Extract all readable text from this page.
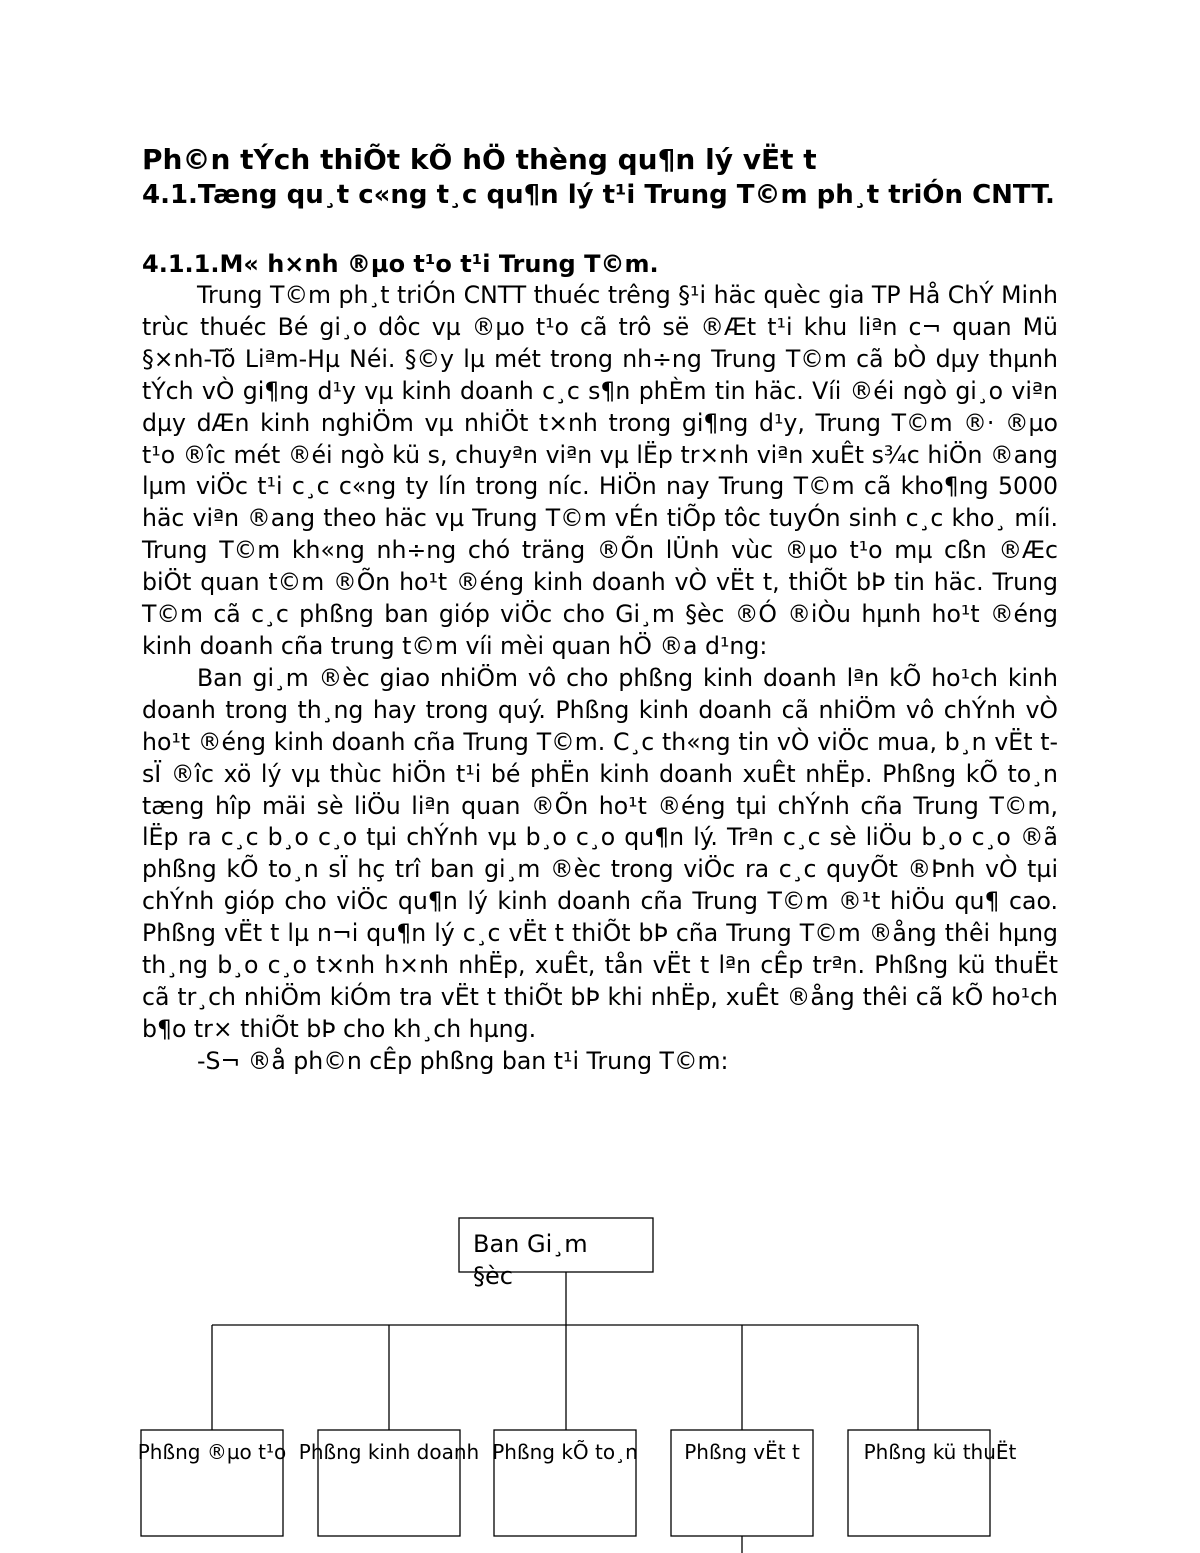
Ph©n tÝch thiÕt kÕ hÖ thèng qu¶n lý vËt t
4.1.Tæng qu¸t c«ng t¸c qu¶n lý t¹i Trung T©m ph¸t triÓn CNTT.
4.1.1.M« h×nh ®µo t¹o t¹i Trung T©m.

Trung T©m ph¸t triÓn CNTT thuéc trêng §¹i häc quèc gia TP Hå ChÝ Minh trùc thuéc Bé gi¸o dôc vµ ®µo t¹o cã trô së ®Æt t¹i khu liªn c¬ quan Mü §×nh-Tõ Liªm-Hµ Néi. §©y lµ mét trong nh÷ng Trung T©m cã bÒ dµy thµnh tÝch vÒ gi¶ng d¹y vµ kinh doanh c¸c s¶n phÈm tin häc. Víi ®éi ngò gi¸o viªn dµy dÆn kinh nghiÖm vµ nhiÖt t×nh trong gi¶ng d¹y, Trung T©m ®· ®µo t¹o ®îc mét ®éi ngò kü s, chuyªn viªn vµ lËp tr×nh viªn xuÊt s¾c hiÖn ®ang lµm viÖc t¹i c¸c c«ng ty lín trong níc. HiÖn nay Trung T©m cã kho¶ng 5000 häc viªn ®ang theo häc vµ Trung T©m vÉn tiÕp tôc tuyÓn sinh c¸c kho¸ míi. Trung T©m kh«ng nh÷ng chó träng ®Õn lÜnh vùc ®µo t¹o mµ cßn ®Æc biÖt quan t©m ®Õn ho¹t ®éng kinh doanh vÒ vËt t, thiÕt bÞ tin häc. Trung T©m cã c¸c phßng ban gióp viÖc cho Gi¸m §èc ®Ó ®iÒu hµnh ho¹t ®éng kinh doanh cña trung t©m víi mèi quan hÖ ®a d¹ng:

Ban gi¸m ®èc giao nhiÖm vô cho phßng kinh doanh lªn kÕ ho¹ch kinh doanh trong th¸ng hay trong quý. Phßng kinh doanh cã nhiÖm vô chÝnh vÒ ho¹t ®éng kinh doanh cña Trung T©m. C¸c th«ng tin vÒ viÖc mua, b¸n vËt t sÏ ®îc xö lý vµ thùc hiÖn t¹i bé phËn kinh doanh xuÊt nhËp. Phßng kÕ to¸n tæng hîp mäi sè liÖu liªn quan ®Õn ho¹t ®éng tµi chÝnh cña Trung T©m, lËp ra c¸c b¸o c¸o tµi chÝnh vµ b¸o c¸o qu¶n lý. Trªn c¸c sè liÖu b¸o c¸o ®ã phßng kÕ to¸n sÏ hç trî ban gi¸m ®èc trong viÖc ra c¸c quyÕt ®Þnh vÒ tµi chÝnh gióp cho viÖc qu¶n lý kinh doanh cña Trung T©m ®¹t hiÖu qu¶ cao. Phßng vËt t lµ n¬i qu¶n lý c¸c vËt t thiÕt bÞ cña Trung T©m ®ång thêi hµng th¸ng b¸o c¸o t×nh h×nh nhËp, xuÊt, tån vËt t lªn cÊp trªn. Phßng kü thuËt cã tr¸ch nhiÖm kiÓm tra vËt t thiÕt bÞ khi nhËp, xuÊt ®ång thêi cã kÕ ho¹ch b¶o tr× thiÕt bÞ cho kh¸ch hµng.

-S¬ ®å ph©n cÊp phßng ban t¹i Trung T©m:

Ban Gi¸m §èc
Phßng ®µo t¹o Phßng kinh doanh Phßng kÕ to¸n Phßng vËt t	Phßng kü thuËt
